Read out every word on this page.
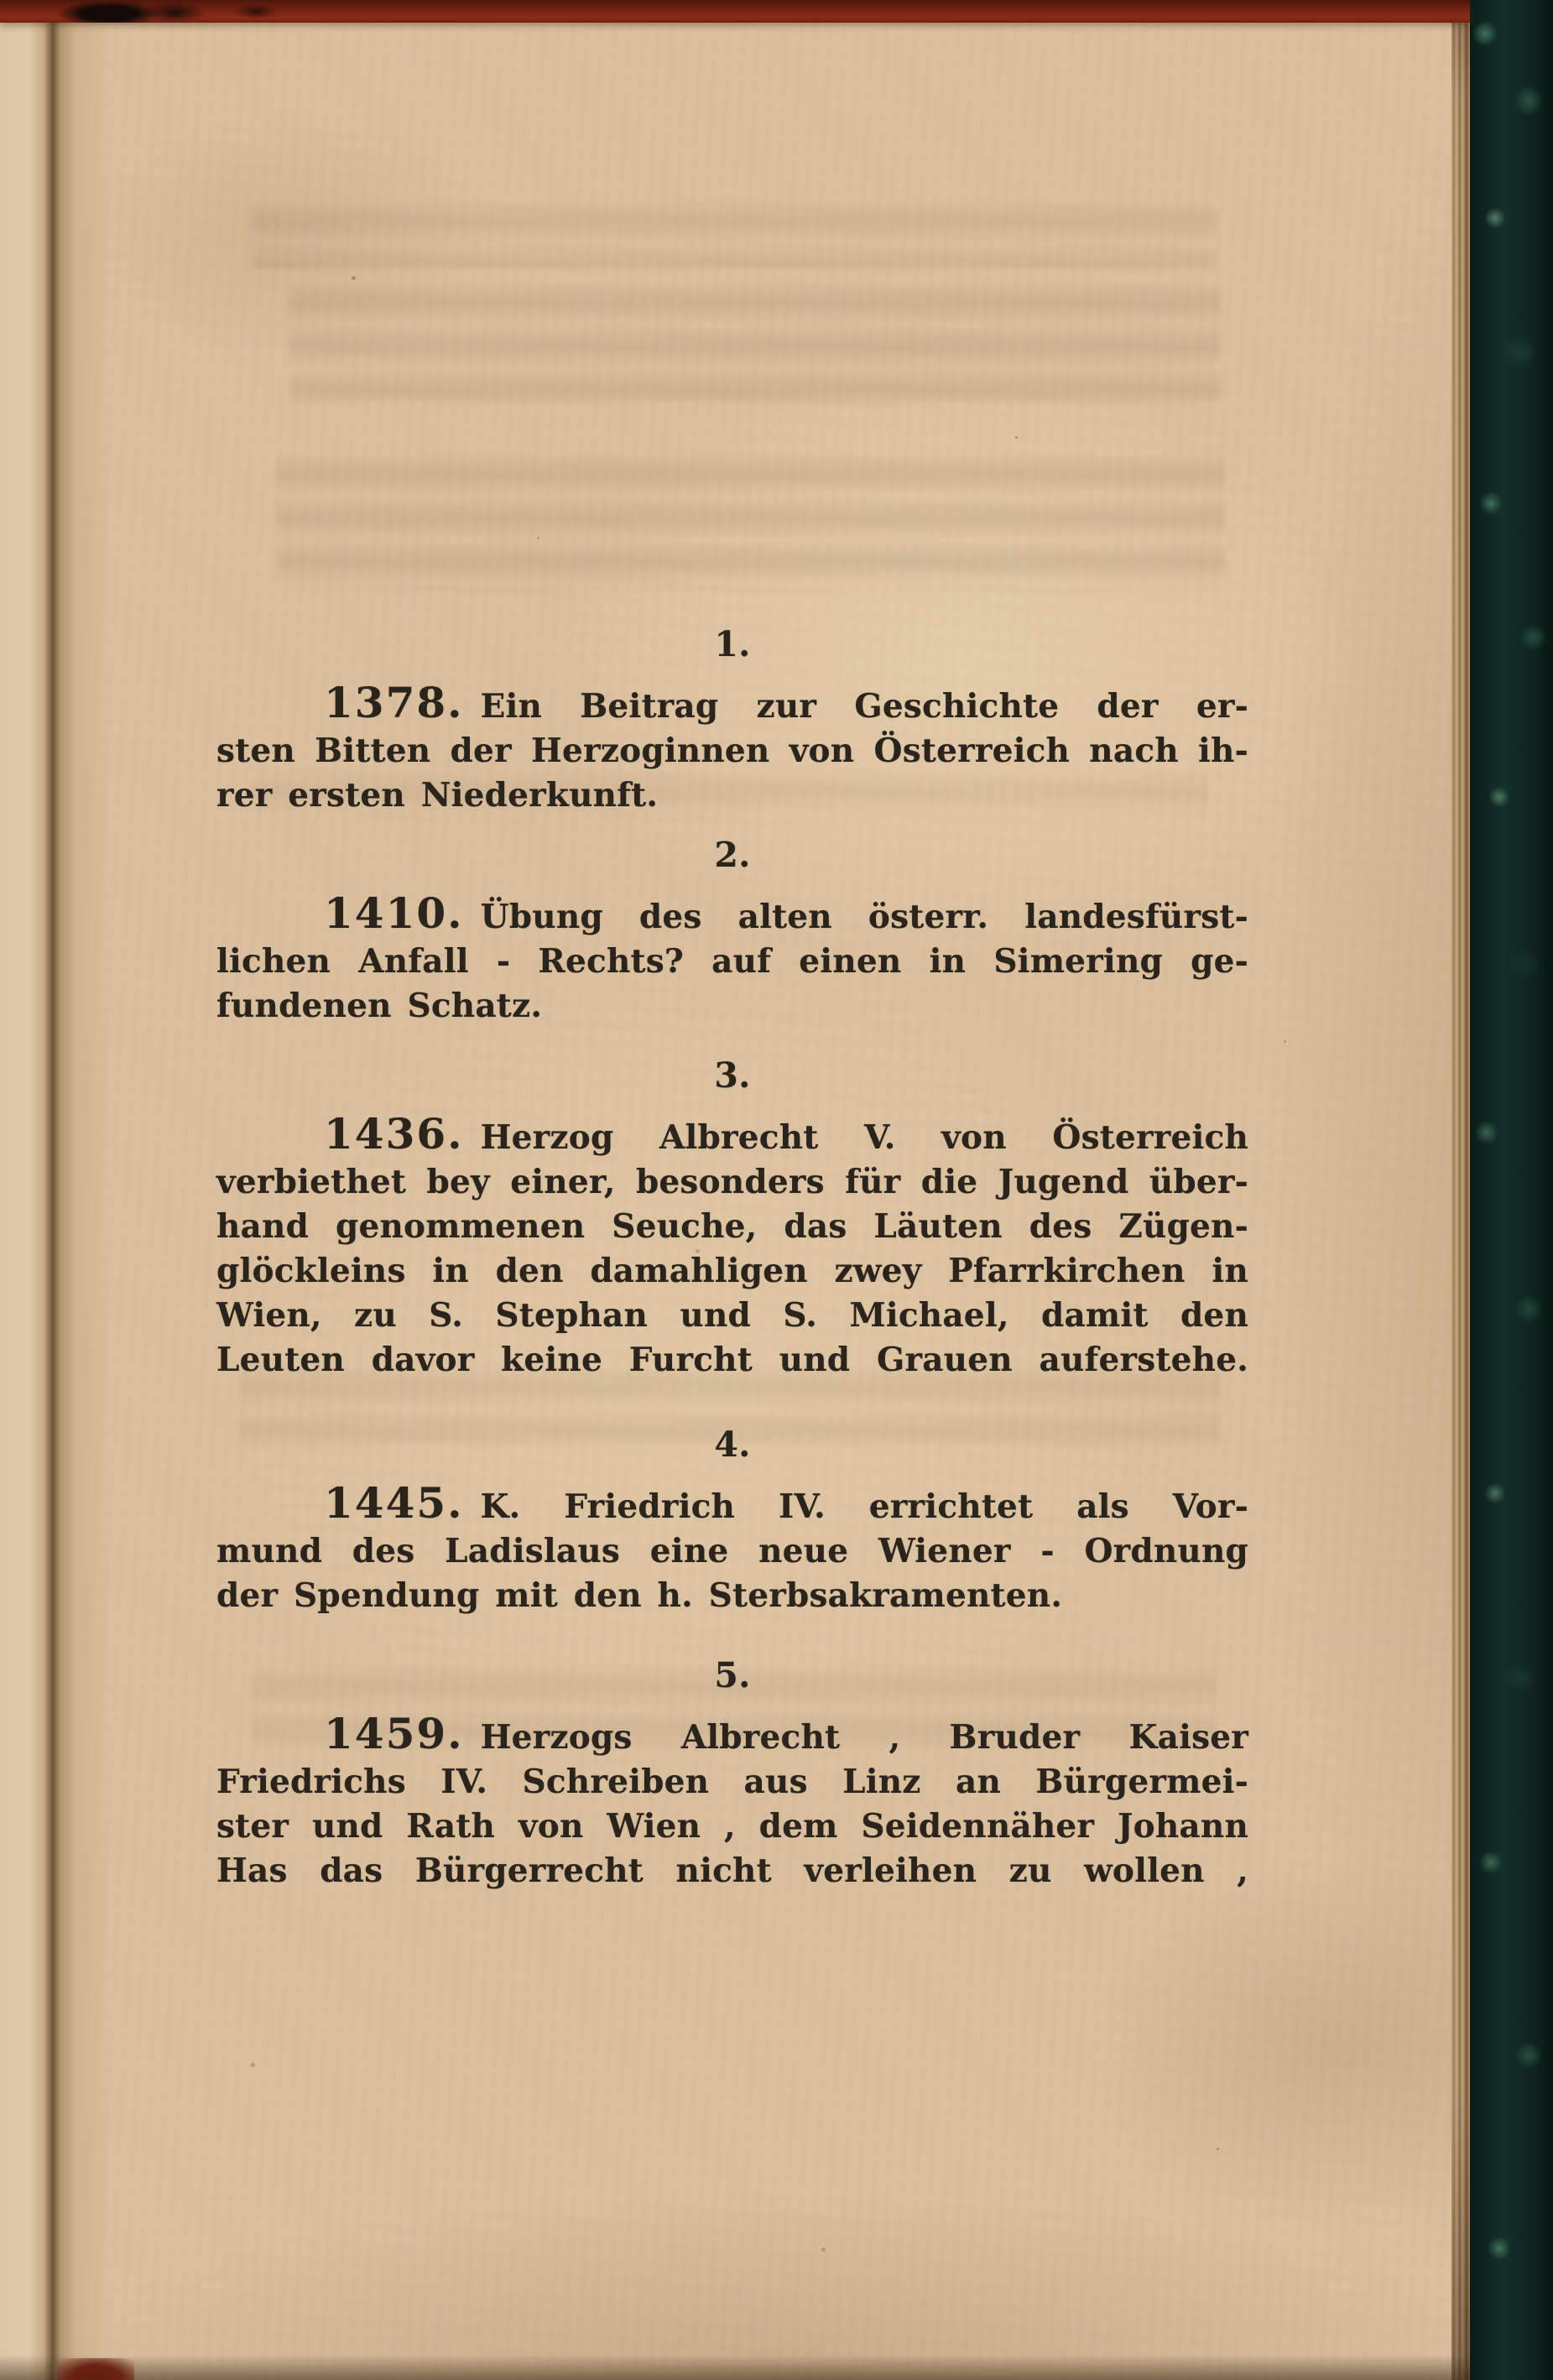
1.
1378. Ein Beitrag zur Geschichte der er-
sten Bitten der Herzoginnen von Österreich nach ih-
rer ersten Niederkunft.
2.
1410. Übung des alten österr. landesfürst-
lichen Anfall - Rechts? auf einen in Simering ge-
fundenen Schatz.
3.
1436. Herzog Albrecht V. von Österreich
verbiethet bey einer, besonders für die Jugend über-
hand genommenen Seuche, das Läuten des Zügen-
glöckleins in den damahligen zwey Pfarrkirchen in
Wien, zu S. Stephan und S. Michael, damit den
Leuten davor keine Furcht und Grauen auferstehe.
4.
1445. K. Friedrich IV. errichtet als Vor-
mund des Ladislaus eine neue Wiener - Ordnung
der Spendung mit den h. Sterbsakramenten.
5.
1459. Herzogs Albrecht , Bruder Kaiser
Friedrichs IV. Schreiben aus Linz an Bürgermei-
ster und Rath von Wien , dem Seidennäher Johann
Has das Bürgerrecht nicht verleihen zu wollen ,
